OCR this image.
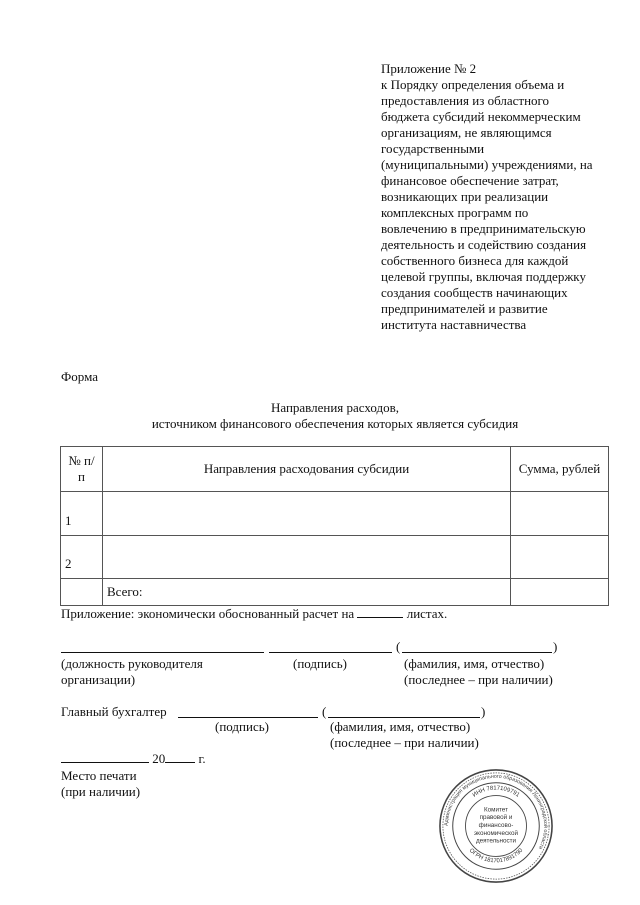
Приложение № 2
к Порядку определения объема и
предоставления из областного
бюджета субсидий некоммерческим
организациям, не являющимся
государственными
(муниципальными) учреждениями, на
финансовое обеспечение затрат,
возникающих при реализации
комплексных программ по
вовлечению в предпринимательскую
деятельность и содействию создания
собственного бизнеса для каждой
целевой группы, включая поддержку
создания сообществ начинающих
предпринимателей и развитие
института наставничества
Форма
Направления расходов,
источником финансового обеспечения которых является субсидия
№ п/п	Направления расходования субсидии	Сумма, рублей
1		
2		
	Всего:	
Приложение: экономически обоснованный расчет на	листах.
(	)
(должность руководителя
организации)
(подпись)	(фамилия, имя, отчество)
(последнее – при наличии)
Главный бухгалтер	(	)
(подпись)	(фамилия, имя, отчество)
(последнее – при наличии)
20	г.
Место печати
(при наличии)
Администрация муниципального образования Ленинградской области
ИНН 7817109791
ОГРН 1817017891790
Комитет
правовой и
финансово-
экономической
деятельности
